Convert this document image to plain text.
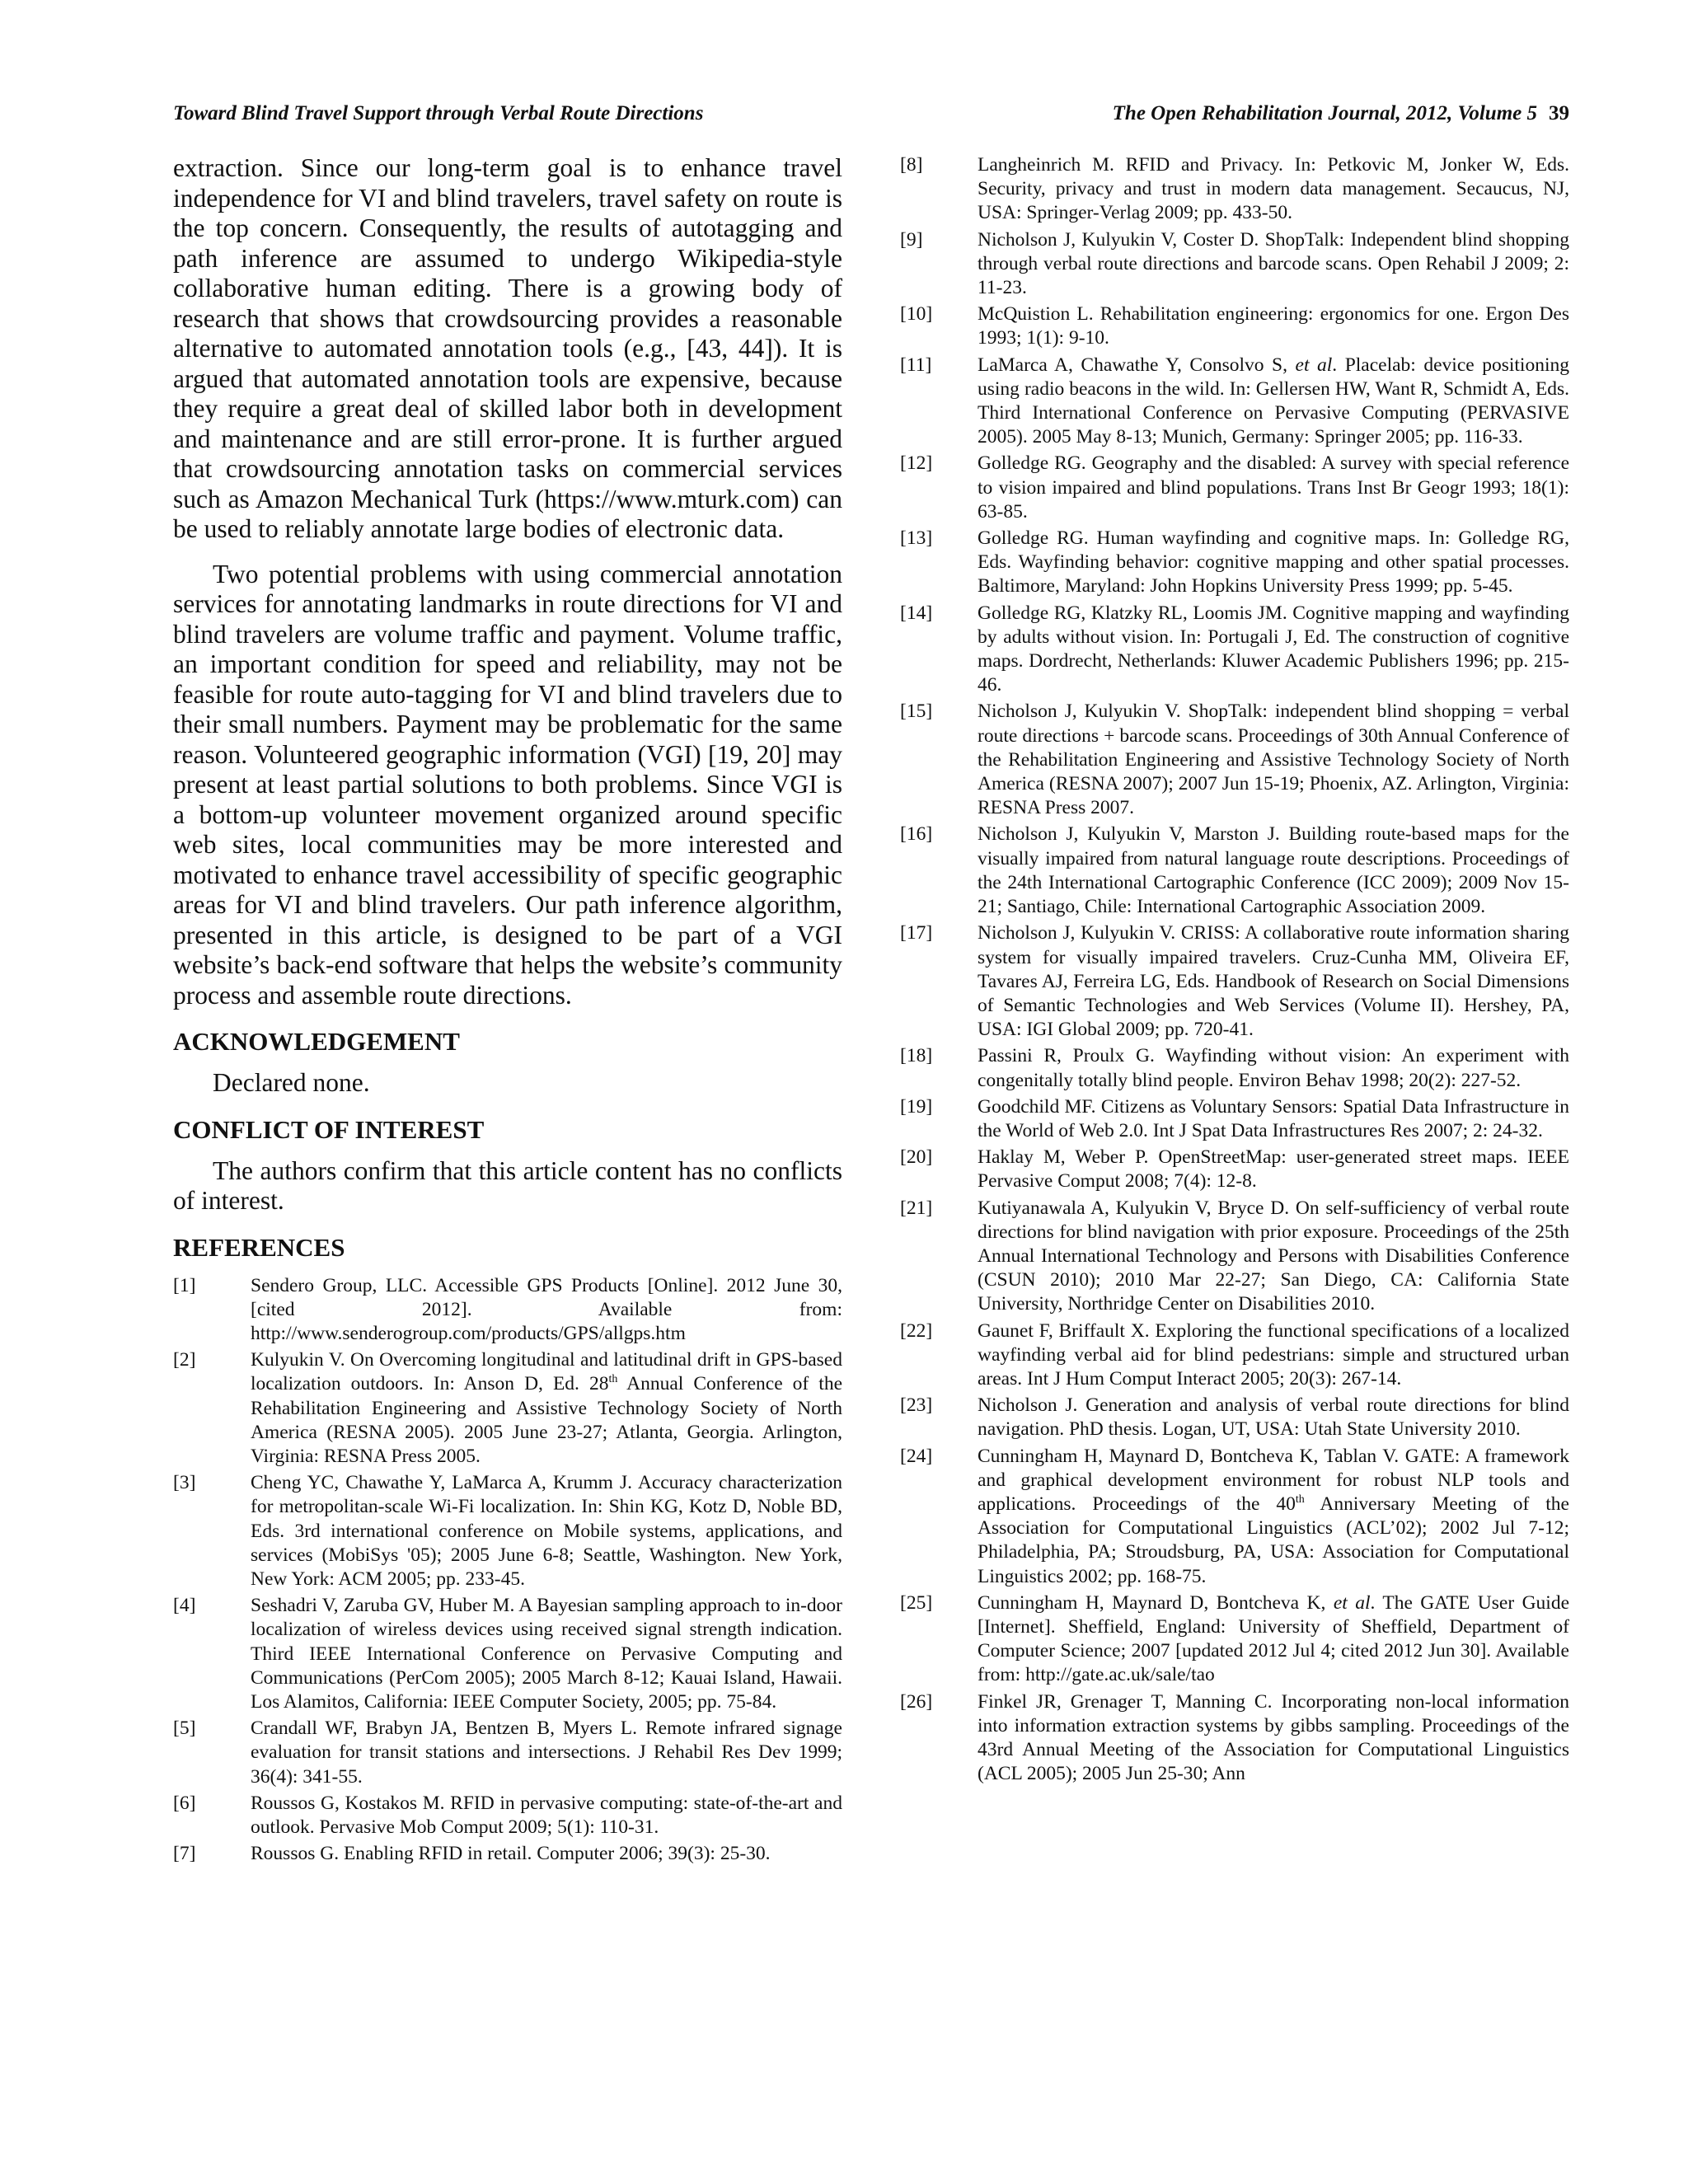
Toward Blind Travel Support through Verbal Route Directions	The Open Rehabilitation Journal, 2012, Volume 5 39

extraction. Since our long-term goal is to enhance travel independence for VI and blind travelers, travel safety on route is the top concern. Consequently, the results of autotagging and path inference are assumed to undergo Wikipedia-style collaborative human editing. There is a growing body of research that shows that crowdsourcing provides a reasonable alternative to automated annotation tools (e.g., [43, 44]). It is argued that automated annotation tools are expensive, because they require a great deal of skilled labor both in development and maintenance and are still error-prone. It is further argued that crowdsourcing annotation tasks on commercial services such as Amazon Mechanical Turk (https://www.mturk.com) can be used to reliably annotate large bodies of electronic data.

Two potential problems with using commercial annotation services for annotating landmarks in route directions for VI and blind travelers are volume traffic and payment. Volume traffic, an important condition for speed and reliability, may not be feasible for route auto-tagging for VI and blind travelers due to their small numbers. Payment may be problematic for the same reason. Volunteered geographic information (VGI) [19, 20] may present at least partial solutions to both problems. Since VGI is a bottom-up volunteer movement organized around specific web sites, local communities may be more interested and motivated to enhance travel accessibility of specific geographic areas for VI and blind travelers. Our path inference algorithm, presented in this article, is designed to be part of a VGI website’s back-end software that helps the website’s community process and assemble route directions.

ACKNOWLEDGEMENT
Declared none.
CONFLICT OF INTEREST
The authors confirm that this article content has no conflicts of interest.
REFERENCES
[1]	Sendero Group, LLC. Accessible GPS Products [Online]. 2012 June 30, [cited 2012]. Available from: http://www.senderogroup.com/products/GPS/allgps.htm
[2]	Kulyukin V. On Overcoming longitudinal and latitudinal drift in GPS-based localization outdoors. In: Anson D, Ed. 28th Annual Conference of the Rehabilitation Engineering and Assistive Technology Society of North America (RESNA 2005). 2005 June 23-27; Atlanta, Georgia. Arlington, Virginia: RESNA Press 2005.
[3]	Cheng YC, Chawathe Y, LaMarca A, Krumm J. Accuracy characterization for metropolitan-scale Wi-Fi localization. In: Shin KG, Kotz D, Noble BD, Eds. 3rd international conference on Mobile systems, applications, and services (MobiSys '05); 2005 June 6-8; Seattle, Washington. New York, New York: ACM 2005; pp. 233-45.
[4]	Seshadri V, Zaruba GV, Huber M. A Bayesian sampling approach to in-door localization of wireless devices using received signal strength indication. Third IEEE International Conference on Pervasive Computing and Communications (PerCom 2005); 2005 March 8-12; Kauai Island, Hawaii. Los Alamitos, California: IEEE Computer Society, 2005; pp. 75-84.
[5]	Crandall WF, Brabyn JA, Bentzen B, Myers L. Remote infrared signage evaluation for transit stations and intersections. J Rehabil Res Dev 1999; 36(4): 341-55.
[6]	Roussos G, Kostakos M. RFID in pervasive computing: state-of-the-art and outlook. Pervasive Mob Comput 2009; 5(1): 110-31.
[7]	Roussos G. Enabling RFID in retail. Computer 2006; 39(3): 25-30.
[8]	Langheinrich M. RFID and Privacy. In: Petkovic M, Jonker W, Eds. Security, privacy and trust in modern data management. Secaucus, NJ, USA: Springer-Verlag 2009; pp. 433-50.
[9]	Nicholson J, Kulyukin V, Coster D. ShopTalk: Independent blind shopping through verbal route directions and barcode scans. Open Rehabil J 2009; 2: 11-23.
[10]	McQuistion L. Rehabilitation engineering: ergonomics for one. Ergon Des 1993; 1(1): 9-10.
[11]	LaMarca A, Chawathe Y, Consolvo S, et al. Placelab: device positioning using radio beacons in the wild. In: Gellersen HW, Want R, Schmidt A, Eds. Third International Conference on Pervasive Computing (PERVASIVE 2005). 2005 May 8-13; Munich, Germany: Springer 2005; pp. 116-33.
[12]	Golledge RG. Geography and the disabled: A survey with special reference to vision impaired and blind populations. Trans Inst Br Geogr 1993; 18(1): 63-85.
[13]	Golledge RG. Human wayfinding and cognitive maps. In: Golledge RG, Eds. Wayfinding behavior: cognitive mapping and other spatial processes. Baltimore, Maryland: John Hopkins University Press 1999; pp. 5-45.
[14]	Golledge RG, Klatzky RL, Loomis JM. Cognitive mapping and wayfinding by adults without vision. In: Portugali J, Ed. The construction of cognitive maps. Dordrecht, Netherlands: Kluwer Academic Publishers 1996; pp. 215-46.
[15]	Nicholson J, Kulyukin V. ShopTalk: independent blind shopping = verbal route directions + barcode scans. Proceedings of 30th Annual Conference of the Rehabilitation Engineering and Assistive Technology Society of North America (RESNA 2007); 2007 Jun 15-19; Phoenix, AZ. Arlington, Virginia: RESNA Press 2007.
[16]	Nicholson J, Kulyukin V, Marston J. Building route-based maps for the visually impaired from natural language route descriptions. Proceedings of the 24th International Cartographic Conference (ICC 2009); 2009 Nov 15-21; Santiago, Chile: International Cartographic Association 2009.
[17]	Nicholson J, Kulyukin V. CRISS: A collaborative route information sharing system for visually impaired travelers. Cruz-Cunha MM, Oliveira EF, Tavares AJ, Ferreira LG, Eds. Handbook of Research on Social Dimensions of Semantic Technologies and Web Services (Volume II). Hershey, PA, USA: IGI Global 2009; pp. 720-41.
[18]	Passini R, Proulx G. Wayfinding without vision: An experiment with congenitally totally blind people. Environ Behav 1998; 20(2): 227-52.
[19]	Goodchild MF. Citizens as Voluntary Sensors: Spatial Data Infrastructure in the World of Web 2.0. Int J Spat Data Infrastructures Res 2007; 2: 24-32.
[20]	Haklay M, Weber P. OpenStreetMap: user-generated street maps. IEEE Pervasive Comput 2008; 7(4): 12-8.
[21]	Kutiyanawala A, Kulyukin V, Bryce D. On self-sufficiency of verbal route directions for blind navigation with prior exposure. Proceedings of the 25th Annual International Technology and Persons with Disabilities Conference (CSUN 2010); 2010 Mar 22-27; San Diego, CA: California State University, Northridge Center on Disabilities 2010.
[22]	Gaunet F, Briffault X. Exploring the functional specifications of a localized wayfinding verbal aid for blind pedestrians: simple and structured urban areas. Int J Hum Comput Interact 2005; 20(3): 267-14.
[23]	Nicholson J. Generation and analysis of verbal route directions for blind navigation. PhD thesis. Logan, UT, USA: Utah State University 2010.
[24]	Cunningham H, Maynard D, Bontcheva K, Tablan V. GATE: A framework and graphical development environment for robust NLP tools and applications. Proceedings of the 40th Anniversary Meeting of the Association for Computational Linguistics (ACL’02); 2002 Jul 7-12; Philadelphia, PA; Stroudsburg, PA, USA: Association for Computational Linguistics 2002; pp. 168-75.
[25]	Cunningham H, Maynard D, Bontcheva K, et al. The GATE User Guide [Internet]. Sheffield, England: University of Sheffield, Department of Computer Science; 2007 [updated 2012 Jul 4; cited 2012 Jun 30]. Available from: http://gate.ac.uk/sale/tao
[26]	Finkel JR, Grenager T, Manning C. Incorporating non-local information into information extraction systems by gibbs sampling. Proceedings of the 43rd Annual Meeting of the Association for Computational Linguistics (ACL 2005); 2005 Jun 25-30; Ann
